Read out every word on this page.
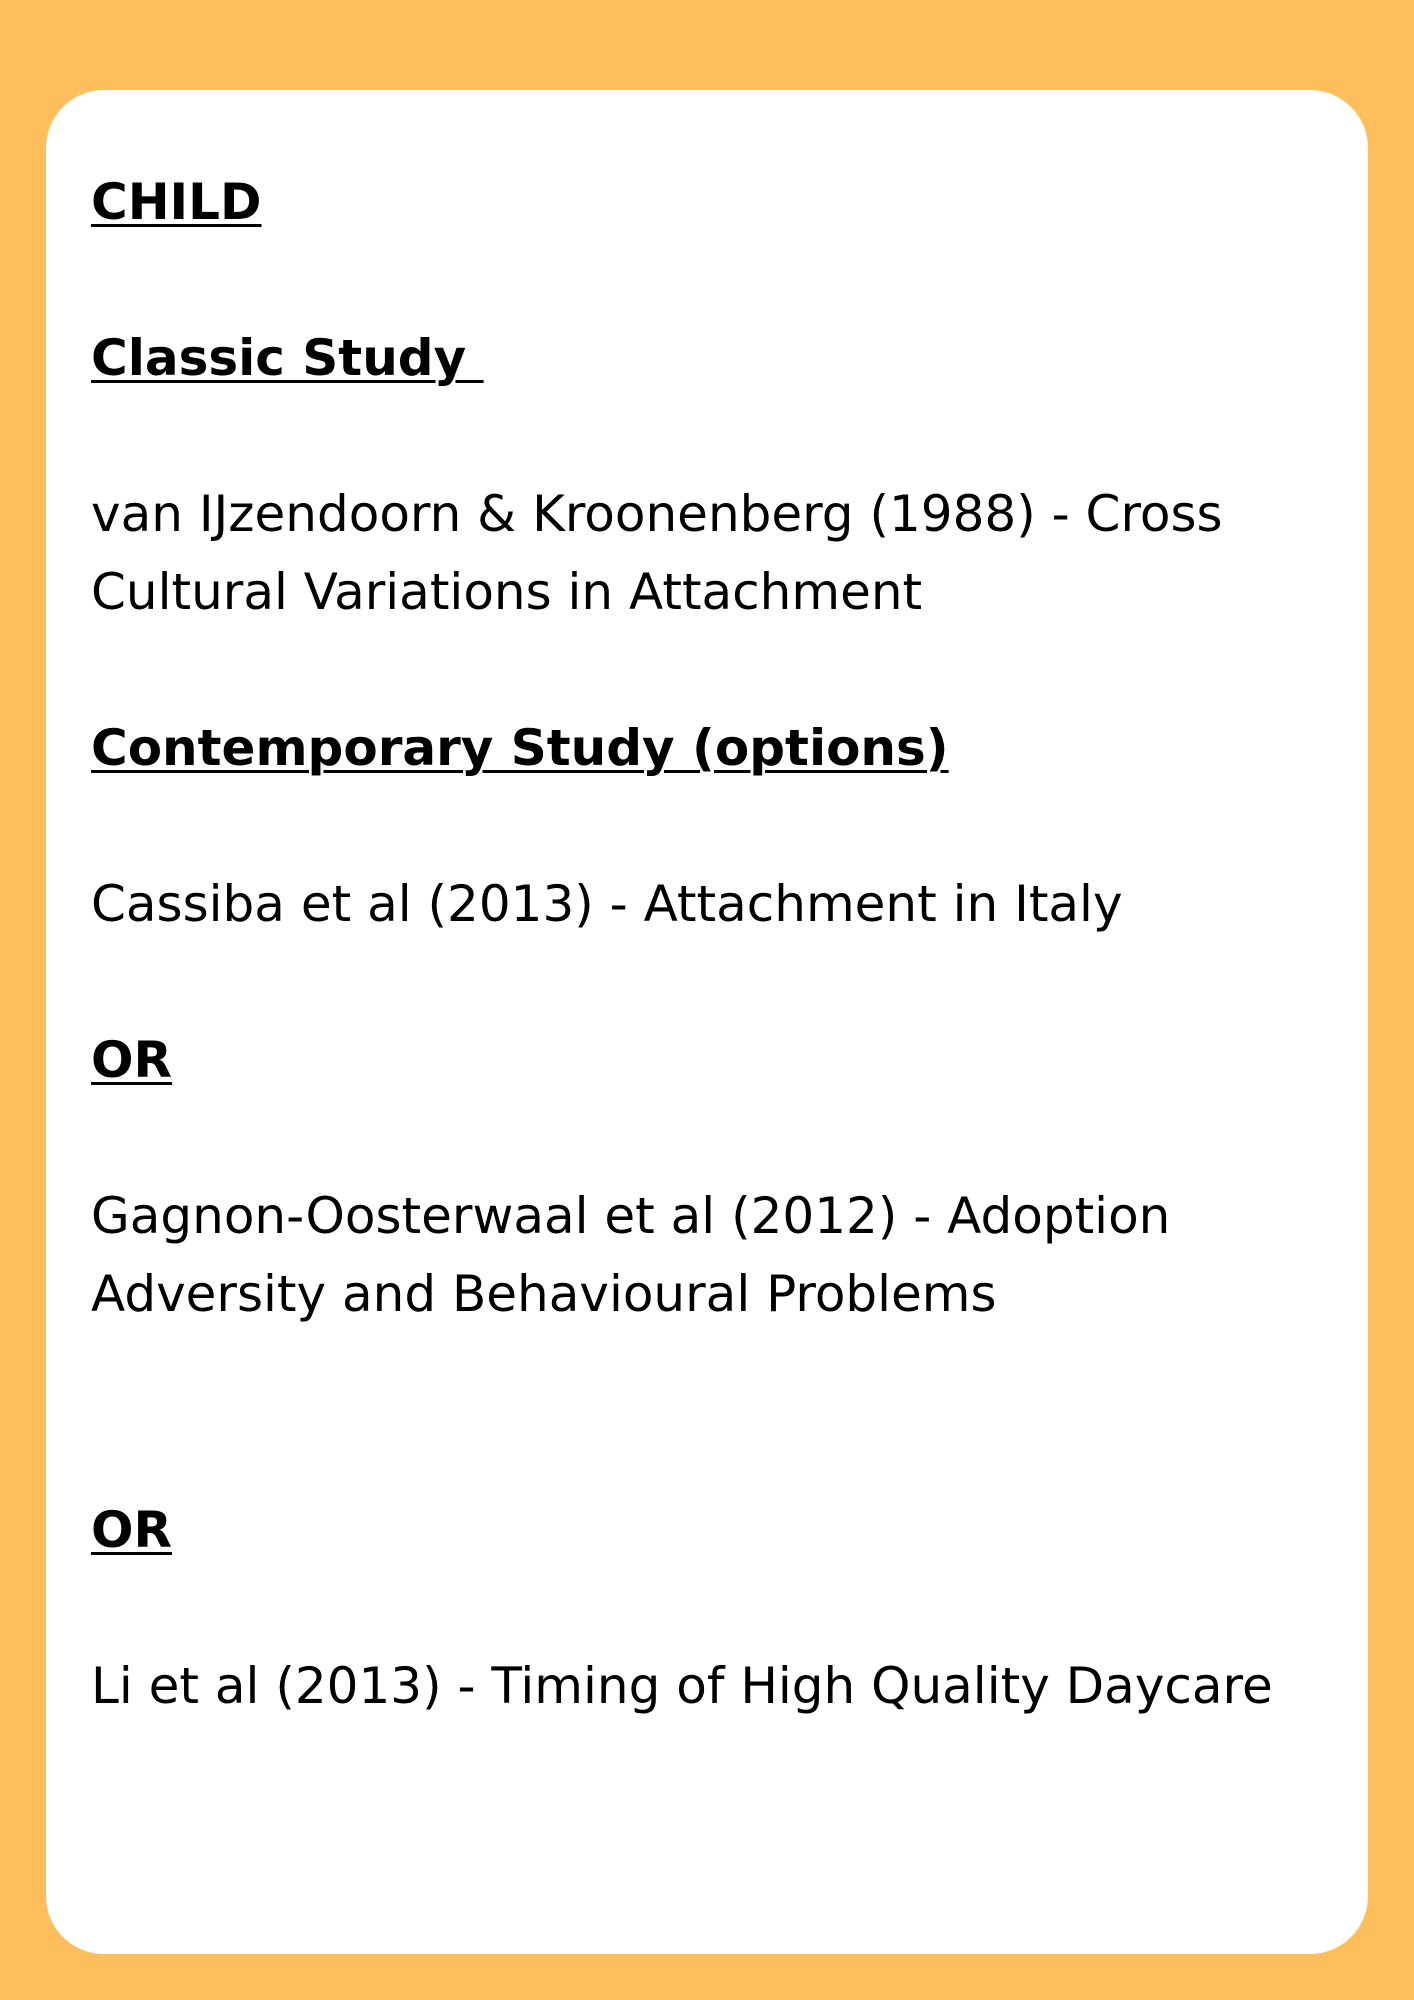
CHILD

Classic Study

van IJzendoorn & Kroonenberg (1988) - Cross Cultural Variations in Attachment

Contemporary Study (options)

Cassiba et al (2013) - Attachment in Italy

OR

Gagnon-Oosterwaal et al (2012) - Adoption Adversity and Behavioural Problems

OR

Li et al (2013) - Timing of High Quality Daycare
